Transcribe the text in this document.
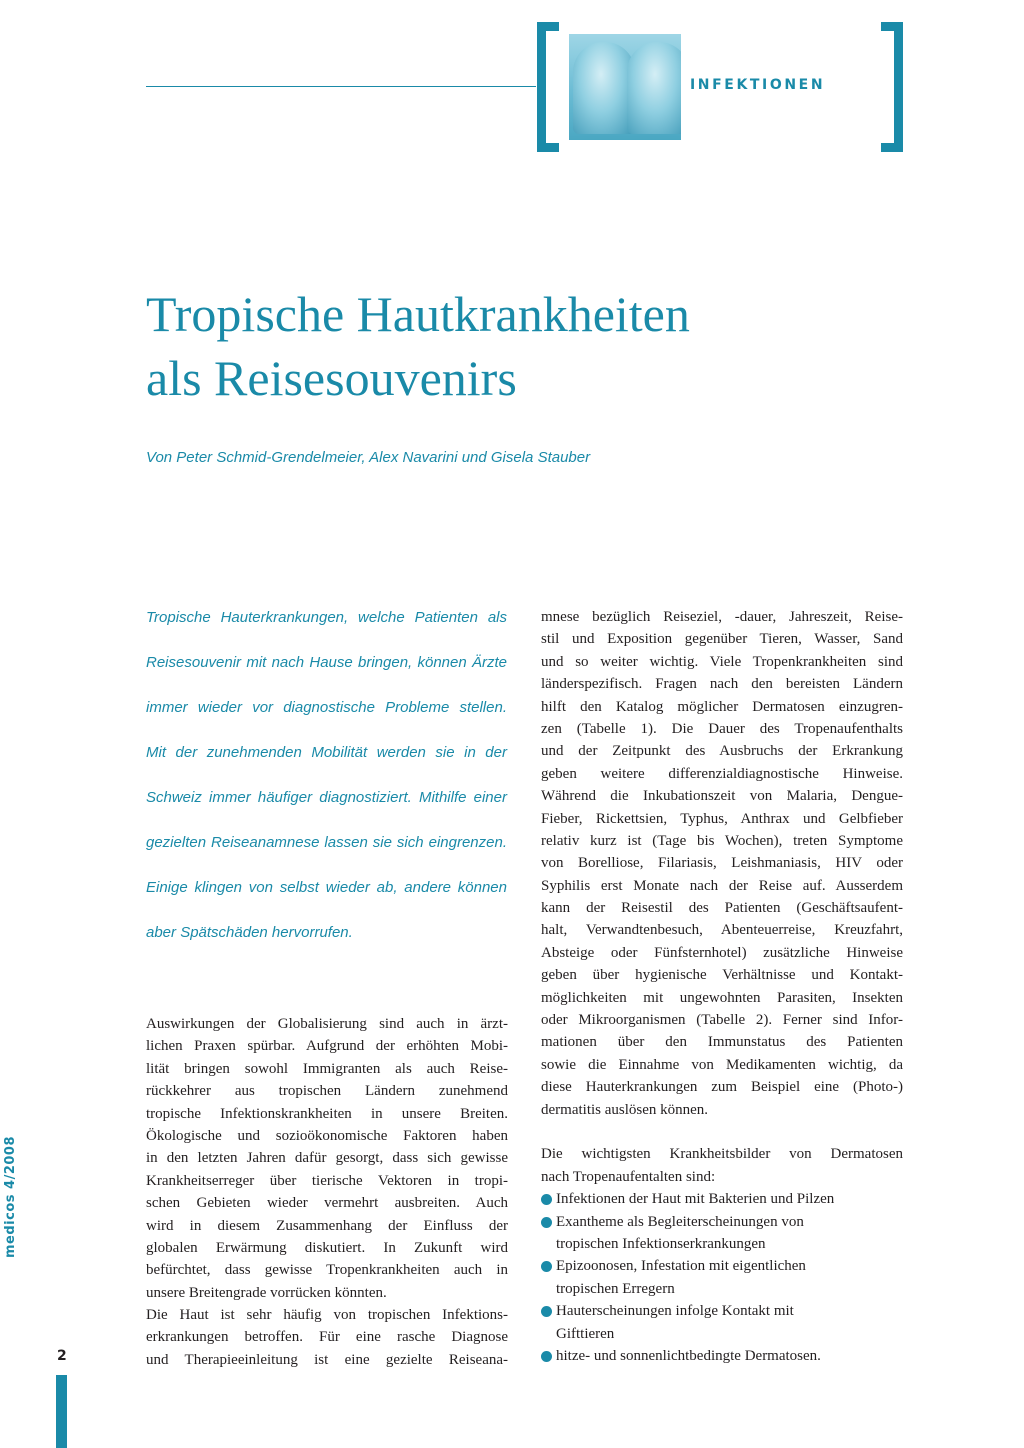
INFEKTIONEN
Tropische Hautkrankheiten
als Reisesouvenirs
Von Peter Schmid-Grendelmeier, Alex Navarini und Gisela Stauber
Tropische Hauterkrankungen, welche Patienten als
Reisesouvenir mit nach Hause bringen, können Ärzte
immer wieder vor diagnostische Probleme stellen.
Mit der zunehmenden Mobilität werden sie in der
Schweiz immer häufiger diagnostiziert. Mithilfe einer
gezielten Reiseanamnese lassen sie sich eingrenzen.
Einige klingen von selbst wieder ab, andere können
aber Spätschäden hervorrufen.
Auswirkungen der Globalisierung sind auch in ärzt-
lichen Praxen spürbar. Aufgrund der erhöhten Mobi-
lität bringen sowohl Immigranten als auch Reise-
rückkehrer aus tropischen Ländern zunehmend
tropische Infektionskrankheiten in unsere Breiten.
Ökologische und sozioökonomische Faktoren haben
in den letzten Jahren dafür gesorgt, dass sich gewisse
Krankheitserreger über tierische Vektoren in tropi-
schen Gebieten wieder vermehrt ausbreiten. Auch
wird in diesem Zusammenhang der Einfluss der
globalen Erwärmung diskutiert. In Zukunft wird
befürchtet, dass gewisse Tropenkrankheiten auch in
unsere Breitengrade vorrücken könnten.
Die Haut ist sehr häufig von tropischen Infektions-
erkrankungen betroffen. Für eine rasche Diagnose
und Therapieeinleitung ist eine gezielte Reiseana-
mnese bezüglich Reiseziel, -dauer, Jahreszeit, Reise-
stil und Exposition gegenüber Tieren, Wasser, Sand
und so weiter wichtig. Viele Tropenkrankheiten sind
länderspezifisch. Fragen nach den bereisten Ländern
hilft den Katalog möglicher Dermatosen einzugren-
zen (Tabelle 1). Die Dauer des Tropenaufenthalts
und der Zeitpunkt des Ausbruchs der Erkrankung
geben weitere differenzialdiagnostische Hinweise.
Während die Inkubationszeit von Malaria, Dengue-
Fieber, Rickettsien, Typhus, Anthrax und Gelbfieber
relativ kurz ist (Tage bis Wochen), treten Symptome
von Borelliose, Filariasis, Leishmaniasis, HIV oder
Syphilis erst Monate nach der Reise auf. Ausserdem
kann der Reisestil des Patienten (Geschäftsaufent-
halt, Verwandtenbesuch, Abenteuerreise, Kreuzfahrt,
Absteige oder Fünfsternhotel) zusätzliche Hinweise
geben über hygienische Verhältnisse und Kontakt-
möglichkeiten mit ungewohnten Parasiten, Insekten
oder Mikroorganismen (Tabelle 2). Ferner sind Infor-
mationen über den Immunstatus des Patienten
sowie die Einnahme von Medikamenten wichtig, da
diese Hauterkrankungen zum Beispiel eine (Photo-)
dermatitis auslösen können.
Die wichtigsten Krankheitsbilder von Dermatosen
nach Tropenaufentalten sind:
Infektionen der Haut mit Bakterien und Pilzen
Exantheme als Begleiterscheinungen von
tropischen Infektionserkrankungen
Epizoonosen, Infestation mit eigentlichen
tropischen Erregern
Hauterscheinungen infolge Kontakt mit
Gifttieren
hitze- und sonnenlichtbedingte Dermatosen.
medicos 4/2008
2
